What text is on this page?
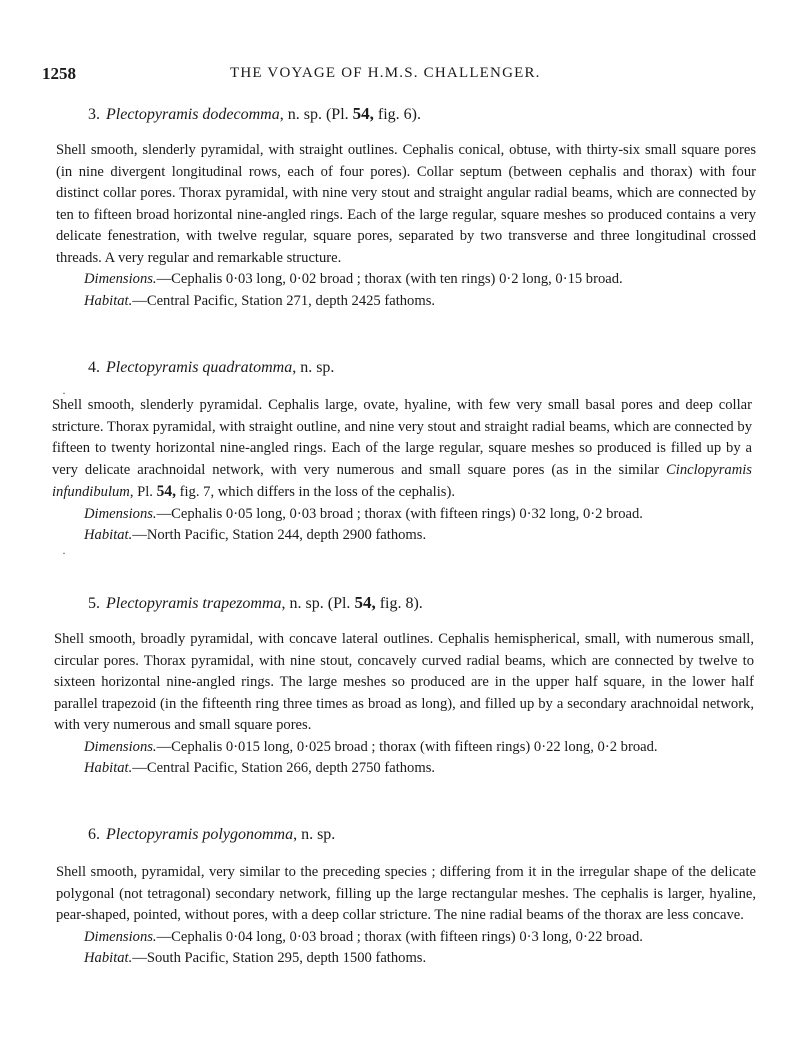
1258	THE VOYAGE OF H.M.S. CHALLENGER.
3. Plectopyramis dodecomma, n. sp. (Pl. 54, fig. 6).
Shell smooth, slenderly pyramidal, with straight outlines. Cephalis conical, obtuse, with thirty-six small square pores (in nine divergent longitudinal rows, each of four pores). Collar septum (between cephalis and thorax) with four distinct collar pores. Thorax pyramidal, with nine very stout and straight angular radial beams, which are connected by ten to fifteen broad horizontal nine-angled rings. Each of the large regular, square meshes so produced contains a very delicate fenestration, with twelve regular, square pores, separated by two transverse and three longitudinal crossed threads. A very regular and remarkable structure.
Dimensions.—Cephalis 0·03 long, 0·02 broad ; thorax (with ten rings) 0·2 long, 0·15 broad.
Habitat.—Central Pacific, Station 271, depth 2425 fathoms.
·
4. Plectopyramis quadratomma, n. sp.
Shell smooth, slenderly pyramidal. Cephalis large, ovate, hyaline, with few very small basal pores and deep collar stricture. Thorax pyramidal, with straight outline, and nine very stout and straight radial beams, which are connected by fifteen to twenty horizontal nine-angled rings. Each of the large regular, square meshes so produced is filled up by a very delicate arachnoidal network, with very numerous and small square pores (as in the similar Cinclopyramis infundibulum, Pl. 54, fig. 7, which differs in the loss of the cephalis).
Dimensions.—Cephalis 0·05 long, 0·03 broad ; thorax (with fifteen rings) 0·32 long, 0·2 broad.
Habitat.—North Pacific, Station 244, depth 2900 fathoms.
·
5. Plectopyramis trapezomma, n. sp. (Pl. 54, fig. 8).
Shell smooth, broadly pyramidal, with concave lateral outlines. Cephalis hemispherical, small, with numerous small, circular pores. Thorax pyramidal, with nine stout, concavely curved radial beams, which are connected by twelve to sixteen horizontal nine-angled rings. The large meshes so produced are in the upper half square, in the lower half parallel trapezoid (in the fifteenth ring three times as broad as long), and filled up by a secondary arachnoidal network, with very numerous and small square pores.
Dimensions.—Cephalis 0·015 long, 0·025 broad ; thorax (with fifteen rings) 0·22 long, 0·2 broad.
Habitat.—Central Pacific, Station 266, depth 2750 fathoms.
6. Plectopyramis polygonomma, n. sp.
Shell smooth, pyramidal, very similar to the preceding species ; differing from it in the irregular shape of the delicate polygonal (not tetragonal) secondary network, filling up the large rectangular meshes. The cephalis is larger, hyaline, pear-shaped, pointed, without pores, with a deep collar stricture. The nine radial beams of the thorax are less concave.
Dimensions.—Cephalis 0·04 long, 0·03 broad ; thorax (with fifteen rings) 0·3 long, 0·22 broad.
Habitat.—South Pacific, Station 295, depth 1500 fathoms.
